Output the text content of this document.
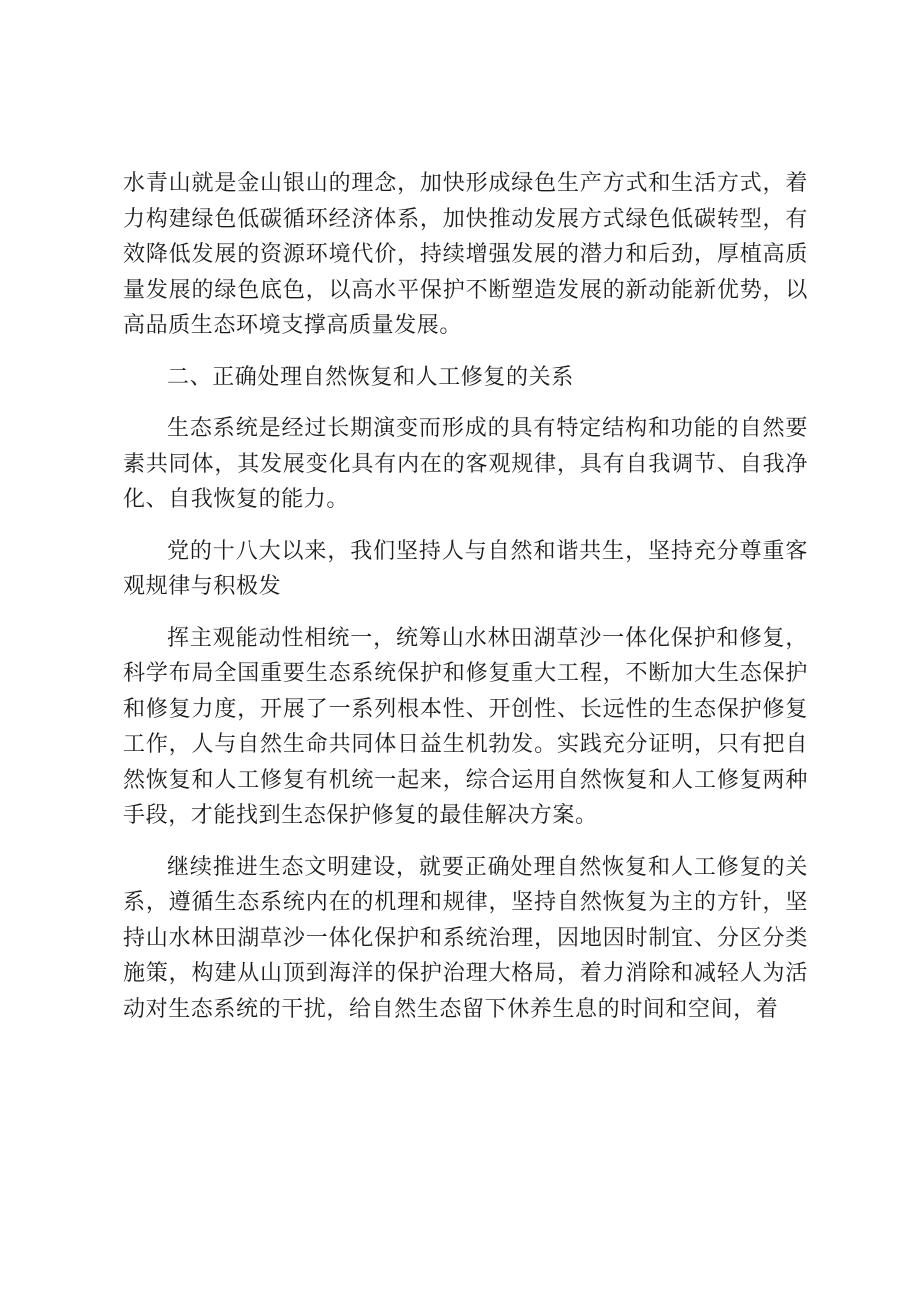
水青山就是金山银山的理念，加快形成绿色生产方式和生活方式，着力构建绿色低碳循环经济体系，加快推动发展方式绿色低碳转型，有效降低发展的资源环境代价，持续增强发展的潜力和后劲，厚植高质量发展的绿色底色，以高水平保护不断塑造发展的新动能新优势，以高品质生态环境支撑高质量发展。

二、正确处理自然恢复和人工修复的关系

生态系统是经过长期演变而形成的具有特定结构和功能的自然要素共同体，其发展变化具有内在的客观规律，具有自我调节、自我净化、自我恢复的能力。

党的十八大以来，我们坚持人与自然和谐共生，坚持充分尊重客观规律与积极发

挥主观能动性相统一，统筹山水林田湖草沙一体化保护和修复，科学布局全国重要生态系统保护和修复重大工程，不断加大生态保护和修复力度，开展了一系列根本性、开创性、长远性的生态保护修复工作，人与自然生命共同体日益生机勃发。实践充分证明，只有把自然恢复和人工修复有机统一起来，综合运用自然恢复和人工修复两种手段，才能找到生态保护修复的最佳解决方案。

继续推进生态文明建设，就要正确处理自然恢复和人工修复的关系，遵循生态系统内在的机理和规律，坚持自然恢复为主的方针，坚持山水林田湖草沙一体化保护和系统治理，因地因时制宜、分区分类施策，构建从山顶到海洋的保护治理大格局，着力消除和减轻人为活动对生态系统的干扰，给自然生态留下休养生息的时间和空间，着
